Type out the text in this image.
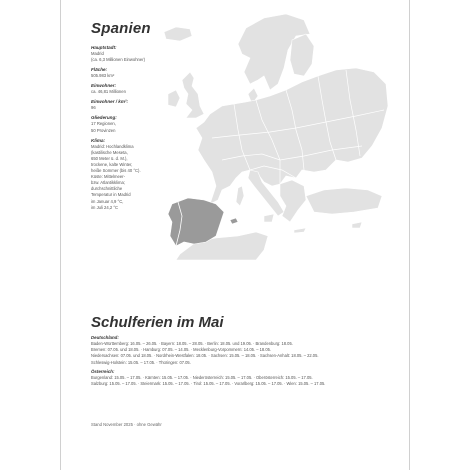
Spanien
Hauptstadt:
Madrid
(ca. 6,3 Millionen Einwohner)
Fläche:
505.983 km²
Einwohner:
ca. 46,81 Millionen
Einwohner / km²:
96
Gliederung:
17 Regionen,
50 Provinzen
Klima:
Madrid: Hochlandklima
(kastilische Meseta,
650 Meter ü. d. M.),
trockene, kalte Winter,
heiße Sommer (bis 40 °C).
Küste: Mittelmeer-
bzw. Atlantikklima;
durchschnittliche
Temperatur in Madrid
im Januar 4,9 °C,
im Juli 24,2 °C
Schulferien im Mai
Deutschland:
Baden-Württemberg: 16.05. – 26.05. · Bayern: 18.05. – 28.05. · Berlin: 18.05. und 19.05. · Brandenburg: 18.05.
Bremen: 07.05. und 18.05. · Hamburg: 07.05. – 14.05. · Mecklenburg-Vorpommern: 14.05. – 18.05.
Niedersachsen: 07.05. und 18.05. · Nordrhein-Westfalen: 18.05. · Sachsen: 15.05. – 18.05. · Sachsen-Anhalt: 18.05. – 22.05.
Schleswig-Holstein: 15.05. – 17.05. · Thüringen: 07.05.
Österreich:
Burgenland: 15.05. – 17.05. · Kärnten: 15.05. – 17.05. · Niederösterreich: 15.05. – 17.05. · Oberösterreich: 15.05. – 17.05.
Salzburg: 15.05. – 17.05. · Steiermark: 15.05. – 17.05. · Tirol: 15.05. – 17.05. · Vorarlberg: 15.05. – 17.05. · Wien: 15.05. – 17.05.
Stand November 2025 · ohne Gewähr
